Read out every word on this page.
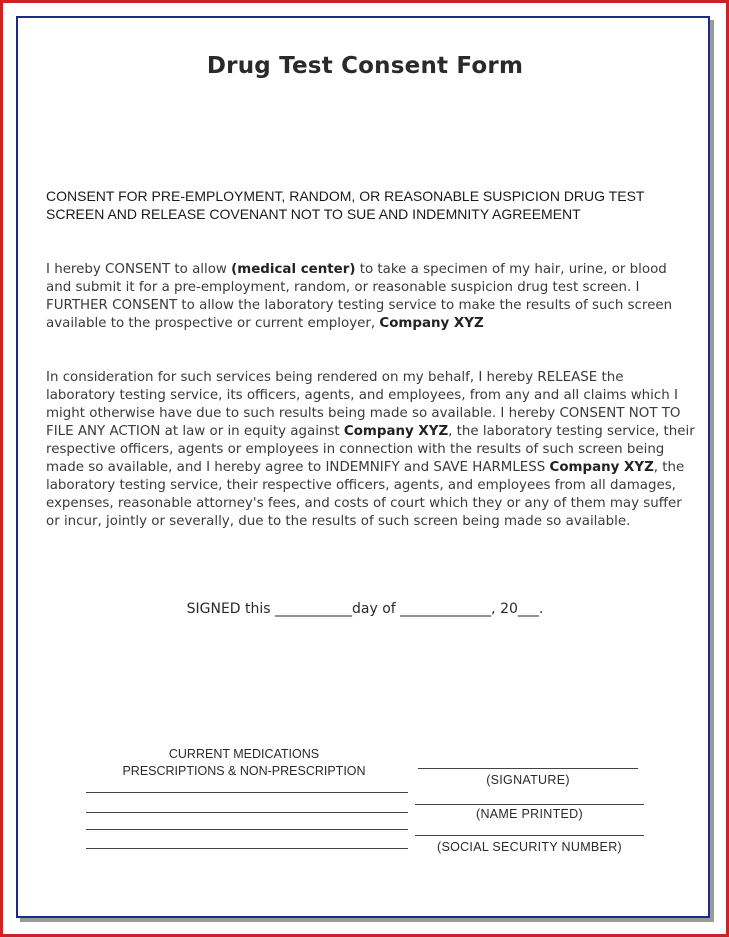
Drug Test Consent Form
CONSENT FOR PRE-EMPLOYMENT, RANDOM, OR REASONABLE SUSPICION DRUG TEST SCREEN AND RELEASE COVENANT NOT TO SUE AND INDEMNITY AGREEMENT
I hereby CONSENT to allow (medical center) to take a specimen of my hair, urine, or blood and submit it for a pre-employment, random, or reasonable suspicion drug test screen. I FURTHER CONSENT to allow the laboratory testing service to make the results of such screen available to the prospective or current employer, Company XYZ
In consideration for such services being rendered on my behalf, I hereby RELEASE the laboratory testing service, its officers, agents, and employees, from any and all claims which I might otherwise have due to such results being made so available. I hereby CONSENT NOT TO FILE ANY ACTION at law or in equity against Company XYZ, the laboratory testing service, their respective officers, agents or employees in connection with the results of such screen being made so available, and I hereby agree to INDEMNIFY and SAVE HARMLESS Company XYZ, the laboratory testing service, their respective officers, agents, and employees from all damages, expenses, reasonable attorney's fees, and costs of court which they or any of them may suffer or incur, jointly or severally, due to the results of such screen being made so available.
SIGNED this ___________day of _____________, 20___.
CURRENT MEDICATIONS
PRESCRIPTIONS & NON-PRESCRIPTION
(SIGNATURE)
(NAME PRINTED)
(SOCIAL SECURITY NUMBER)
